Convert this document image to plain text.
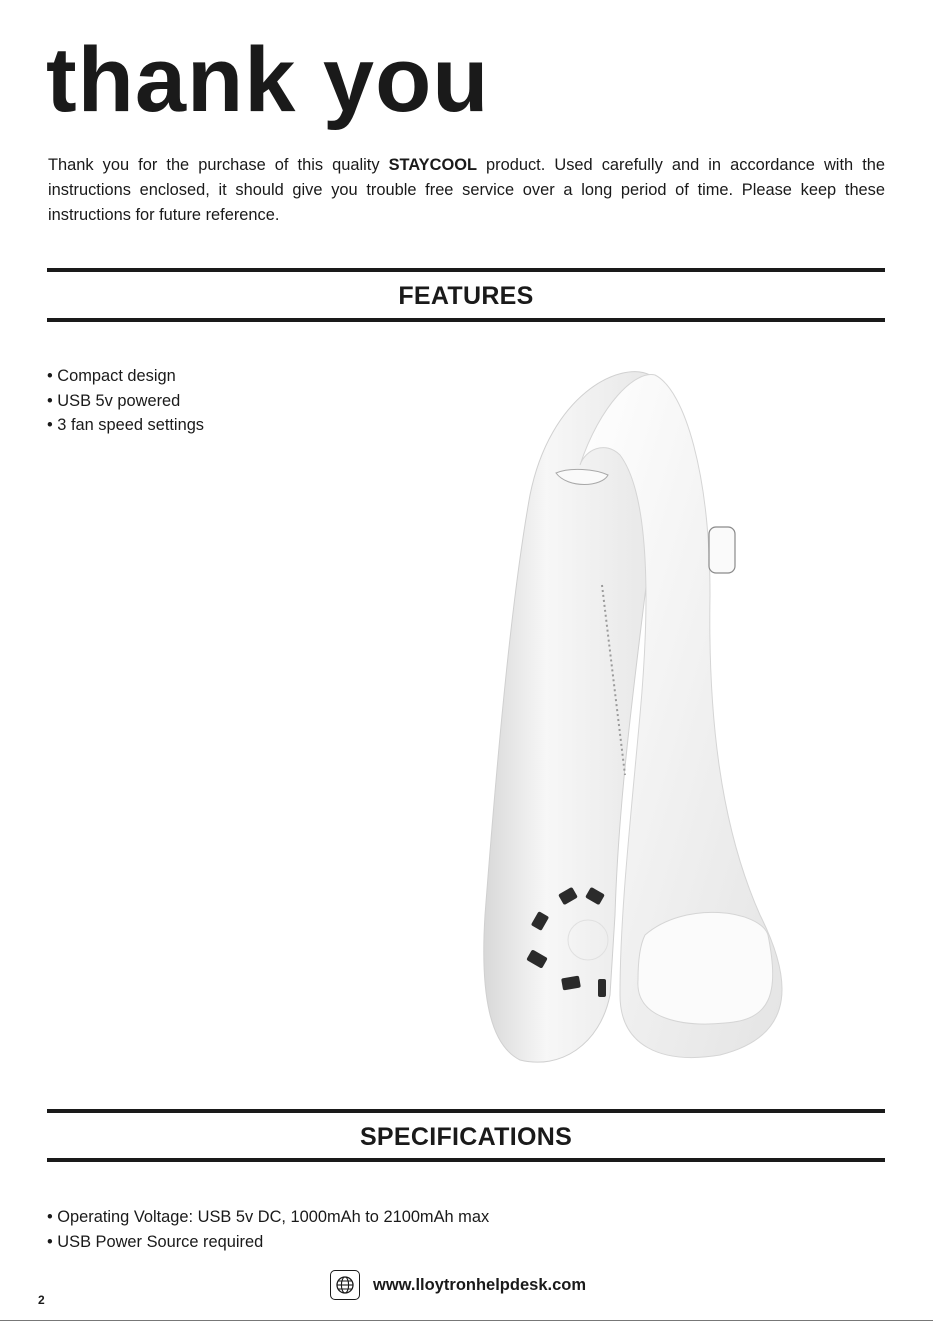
thank you

Thank you for the purchase of this quality STAYCOOL product. Used carefully and in accordance with the instructions enclosed, it should give you trouble free service over a long period of time. Please keep these instructions for future reference.

FEATURES
• Compact design
• USB 5v powered
• 3 fan speed settings
SPECIFICATIONS
• Operating Voltage: USB 5v DC, 1000mAh to 2100mAh max
• USB Power Source required
www.lloytronhelpdesk.com
2
